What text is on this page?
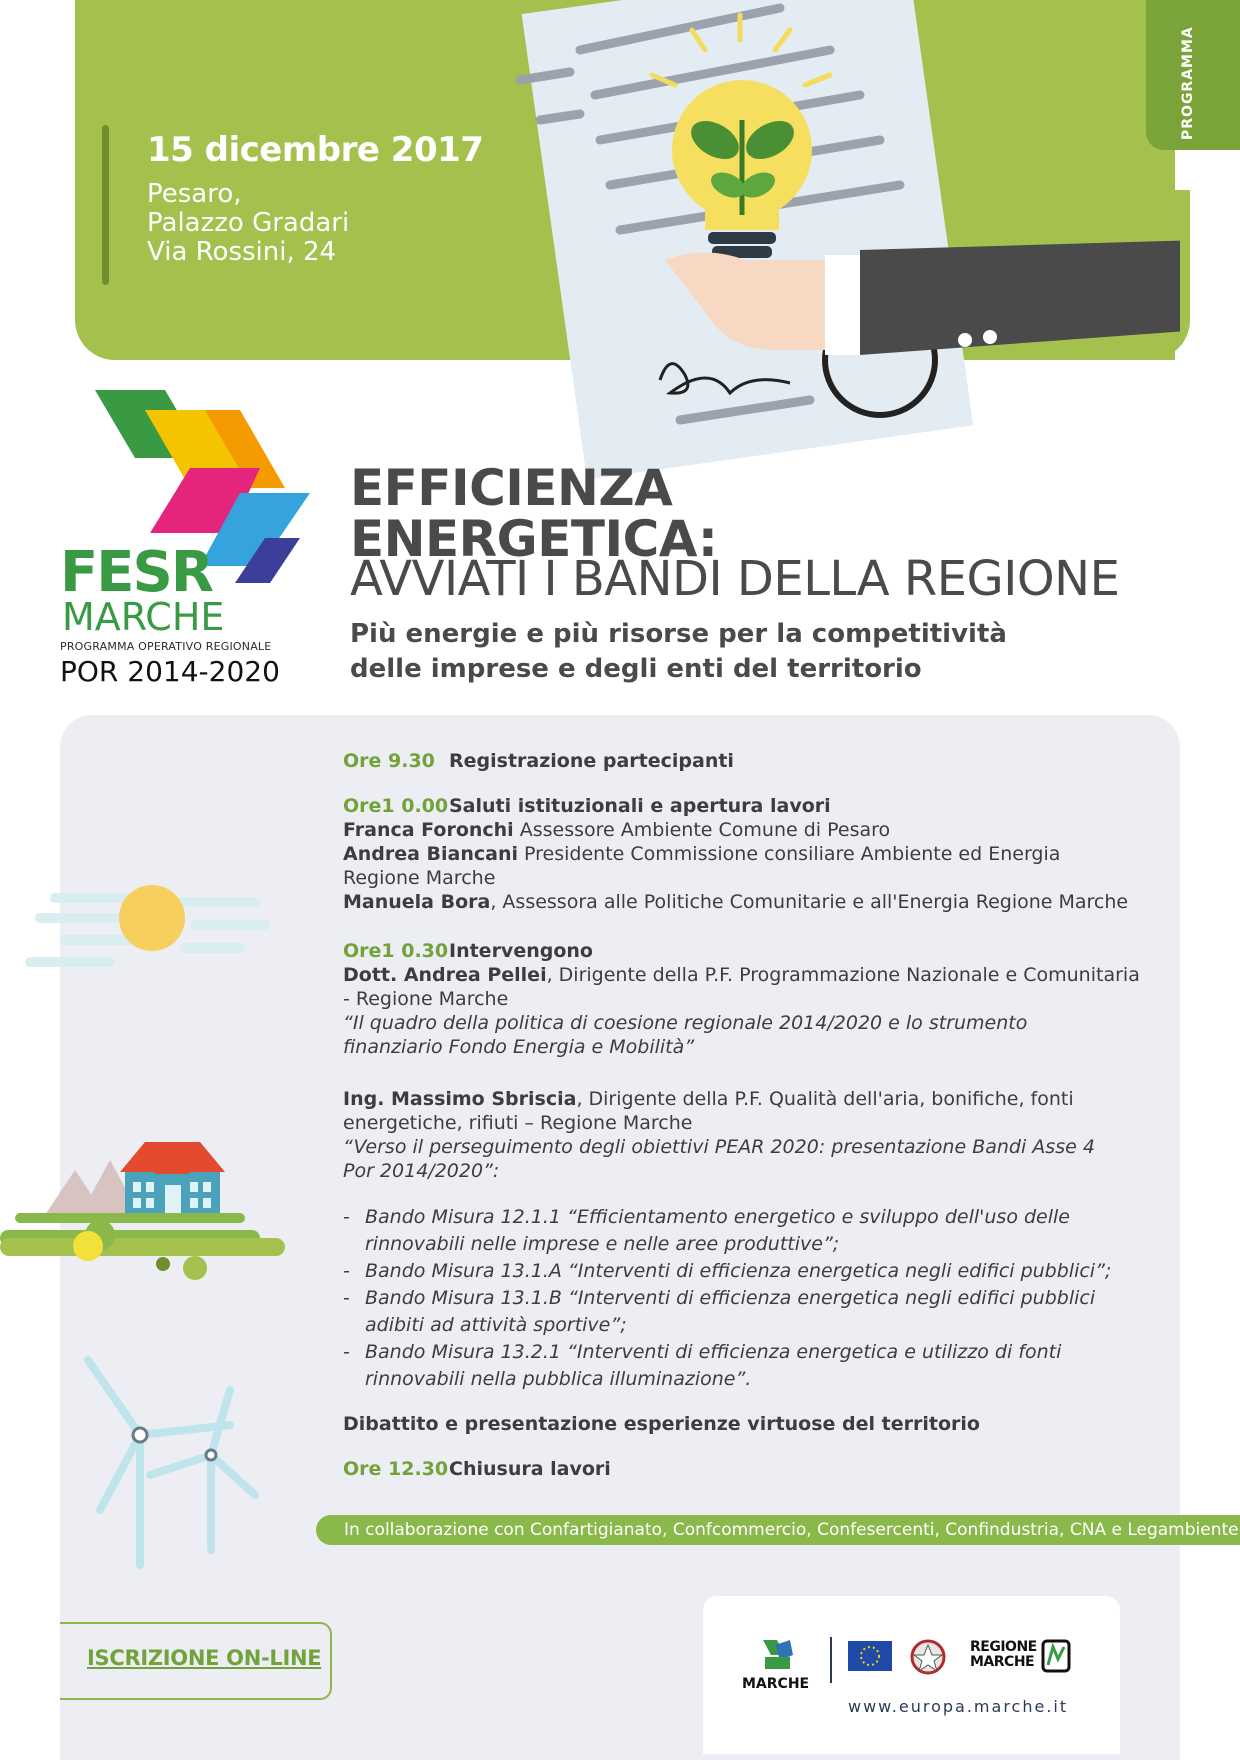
15 dicembre 2017
Pesaro,
Palazzo Gradari
Via Rossini, 24
PROGRAMMA
FESR
MARCHE
PROGRAMMA OPERATIVO REGIONALE
POR 2014-2020
EFFICIENZA
ENERGETICA:
AVVIATI I BANDI DELLA REGIONE
Più energie e più risorse per la competitività
delle imprese e degli enti del territorio
Ore 9.30 Registrazione partecipanti
Ore1 0.00Saluti istituzionali e apertura lavori
Franca Foronchi Assessore Ambiente Comune di Pesaro
Andrea Biancani Presidente Commissione consiliare Ambiente ed Energia
Regione Marche
Manuela Bora, Assessora alle Politiche Comunitarie e all'Energia Regione Marche
Ore1 0.30Intervengono
Dott. Andrea Pellei, Dirigente della P.F. Programmazione Nazionale e Comunitaria
- Regione Marche
“Il quadro della politica di coesione regionale 2014/2020 e lo strumento
finanziario Fondo Energia e Mobilità”
Ing. Massimo Sbriscia, Dirigente della P.F. Qualità dell'aria, bonifiche, fonti
energetiche, rifiuti – Regione Marche
“Verso il perseguimento degli obiettivi PEAR 2020: presentazione Bandi Asse 4
Por 2014/2020”:
- Bando Misura 12.1.1 “Efficientamento energetico e sviluppo dell'uso delle
rinnovabili nelle imprese e nelle aree produttive”;
- Bando Misura 13.1.A “Interventi di efficienza energetica negli edifici pubblici”;
- Bando Misura 13.1.B “Interventi di efficienza energetica negli edifici pubblici
adibiti ad attività sportive”;
- Bando Misura 13.2.1 “Interventi di efficienza energetica e utilizzo di fonti
rinnovabili nella pubblica illuminazione”.
Dibattito e presentazione esperienze virtuose del territorio
Ore 12.30Chiusura lavori
In collaborazione con Confartigianato, Confcommercio, Confesercenti, Confindustria, CNA e Legambiente
ISCRIZIONE ON-LINE
MARCHE
REGIONE
MARCHE
www.europa.marche.it
